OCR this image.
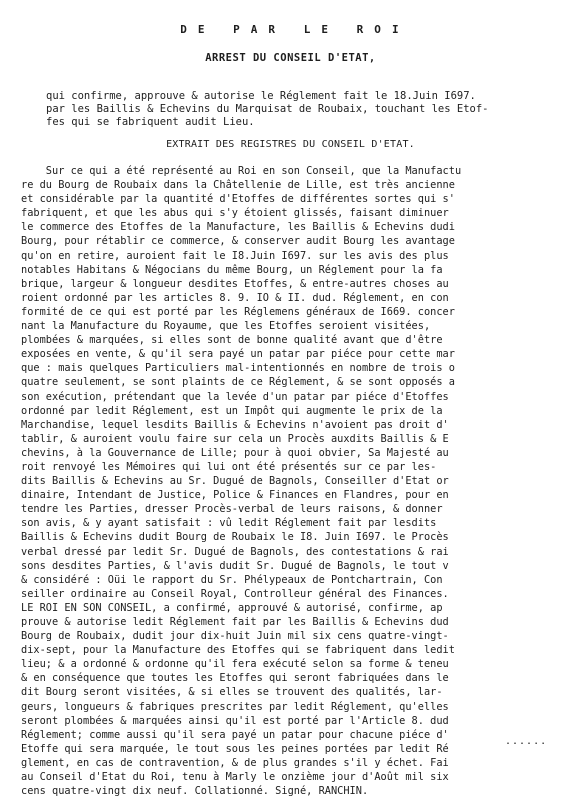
D E   P A R   L E   R O I
ARREST DU CONSEIL D'ETAT,
qui confirme, approuve & autorise le Réglement fait le 18.Juin I697.
par les Baillis & Echevins du Marquisat de Roubaix, touchant les Etof-
fes qui se fabriquent audit Lieu.
EXTRAIT DES REGISTRES DU CONSEIL D'ETAT.
Sur ce qui a été représenté au Roi en son Conseil, que la Manufactu
re du Bourg de Roubaix dans la Châtellenie de Lille, est très ancienne
et considérable par la quantité d'Etoffes de différentes sortes qui s'
fabriquent, et que les abus qui s'y étoient glissés, faisant diminuer
le commerce des Etoffes de la Manufacture, les Baillis & Echevins dudi
Bourg, pour rétablir ce commerce, & conserver audit Bourg les avantage
qu'on en retire, auroient fait le I8.Juin I697. sur les avis des plus
notables Habitans & Négocians du même Bourg, un Réglement pour la fa
brique, largeur & longueur desdites Etoffes, & entre-autres choses au
roient ordonné par les articles 8. 9. IO & II. dud. Réglement, en con
formité de ce qui est porté par les Réglemens généraux de I669. concer
nant la Manufacture du Royaume, que les Etoffes seroient visitées,
plombées & marquées, si elles sont de bonne qualité avant que d'être
exposées en vente, & qu'il sera payé un patar par piéce pour cette mar
que : mais quelques Particuliers mal-intentionnés en nombre de trois o
quatre seulement, se sont plaints de ce Réglement, & se sont opposés a
son exécution, prétendant que la levée d'un patar par piéce d'Etoffes
ordonné par ledit Réglement, est un Impôt qui augmente le prix de la
Marchandise, lequel lesdits Baillis & Echevins n'avoient pas droit d'
tablir, & auroient voulu faire sur cela un Procès auxdits Baillis & E
chevins, à la Gouvernance de Lille; pour à quoi obvier, Sa Majesté au
roit renvoyé les Mémoires qui lui ont été présentés sur ce par les-
dits Baillis & Echevins au Sr. Dugué de Bagnols, Conseiller d'Etat or
dinaire, Intendant de Justice, Police & Finances en Flandres, pour en
tendre les Parties, dresser Procès-verbal de leurs raisons, & donner
son avis, & y ayant satisfait : vû ledit Réglement fait par lesdits
Baillis & Echevins dudit Bourg de Roubaix le I8. Juin I697. le Procès
verbal dressé par ledit Sr. Dugué de Bagnols, des contestations & rai
sons desdites Parties, & l'avis dudit Sr. Dugué de Bagnols, le tout v
& considéré : Oüi le rapport du Sr. Phélypeaux de Pontchartrain, Con
seiller ordinaire au Conseil Royal, Controlleur général des Finances.
LE ROI EN SON CONSEIL, a confirmé, approuvé & autorisé, confirme, ap
prouve & autorise ledit Réglement fait par les Baillis & Echevins dud
Bourg de Roubaix, dudit jour dix-huit Juin mil six cens quatre-vingt-
dix-sept, pour la Manufacture des Etoffes qui se fabriquent dans ledit
lieu; & a ordonné & ordonne qu'il fera exécuté selon sa forme & teneu
& en conséquence que toutes les Etoffes qui seront fabriquées dans le
dit Bourg seront visitées, & si elles se trouvent des qualités, lar-
geurs, longueurs & fabriques prescrites par ledit Réglement, qu'elles
seront plombées & marquées ainsi qu'il est porté par l'Article 8. dud
Réglement; comme aussi qu'il sera payé un patar pour chacune piéce d'
Etoffe qui sera marquée, le tout sous les peines portées par ledit Ré
glement, en cas de contravention, & de plus grandes s'il y échet. Fai
au Conseil d'Etat du Roi, tenu à Marly le onzième jour d'Août mil six
cens quatre-vingt dix neuf. Collationné. Signé, RANCHIN.
......
